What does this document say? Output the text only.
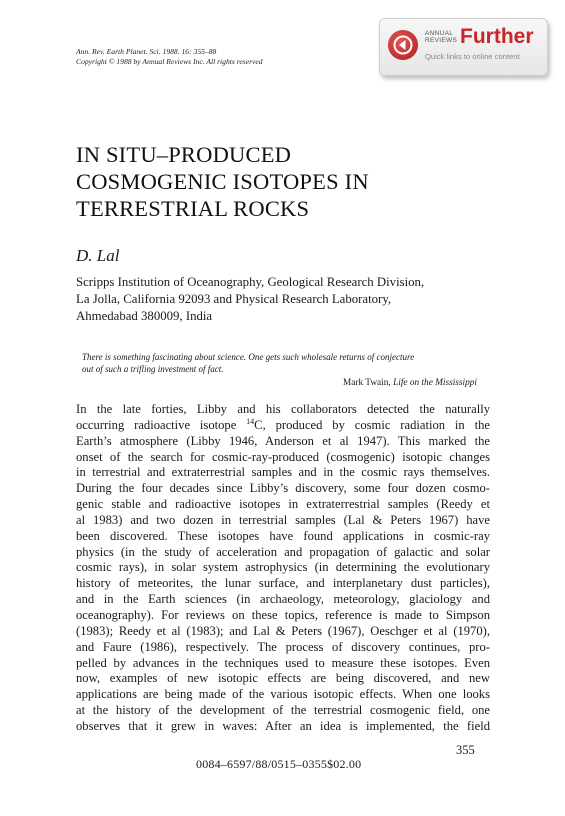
Ann. Rev. Earth Planet. Sci. 1988. 16: 355–88
Copyright © 1988 by Annual Reviews Inc. All rights reserved
ANNUAL
REVIEWS Further
Quick links to online content
IN SITU–PRODUCED
COSMOGENIC ISOTOPES IN
TERRESTRIAL ROCKS
D. Lal
Scripps Institution of Oceanography, Geological Research Division,
La Jolla, California 92093 and Physical Research Laboratory,
Ahmedabad 380009, India
There is something fascinating about science. One gets such wholesale returns of conjecture
out of such a trifling investment of fact.
Mark Twain, Life on the Mississippi
In the late forties, Libby and his collaborators detected the naturally
occurring radioactive isotope $^{14}$C, produced by cosmic radiation in the
Earth’s atmosphere (Libby 1946, Anderson et al 1947). This marked the
onset of the search for cosmic-ray-produced (cosmogenic) isotopic changes
in terrestrial and extraterrestrial samples and in the cosmic rays themselves.
During the four decades since Libby’s discovery, some four dozen cosmo-
genic stable and radioactive isotopes in extraterrestrial samples (Reedy et
al 1983) and two dozen in terrestrial samples (Lal & Peters 1967) have
been discovered. These isotopes have found applications in cosmic-ray
physics (in the study of acceleration and propagation of galactic and solar
cosmic rays), in solar system astrophysics (in determining the evolutionary
history of meteorites, the lunar surface, and interplanetary dust particles),
and in the Earth sciences (in archaeology, meteorology, glaciology and
oceanography). For reviews on these topics, reference is made to Simpson
(1983); Reedy et al (1983); and Lal & Peters (1967), Oeschger et al (1970),
and Faure (1986), respectively. The process of discovery continues, pro-
pelled by advances in the techniques used to measure these isotopes. Even
now, examples of new isotopic effects are being discovered, and new
applications are being made of the various isotopic effects. When one looks
at the history of the development of the terrestrial cosmogenic field, one
observes that it grew in waves: After an idea is implemented, the field
355
0084–6597/88/0515–0355$02.00
